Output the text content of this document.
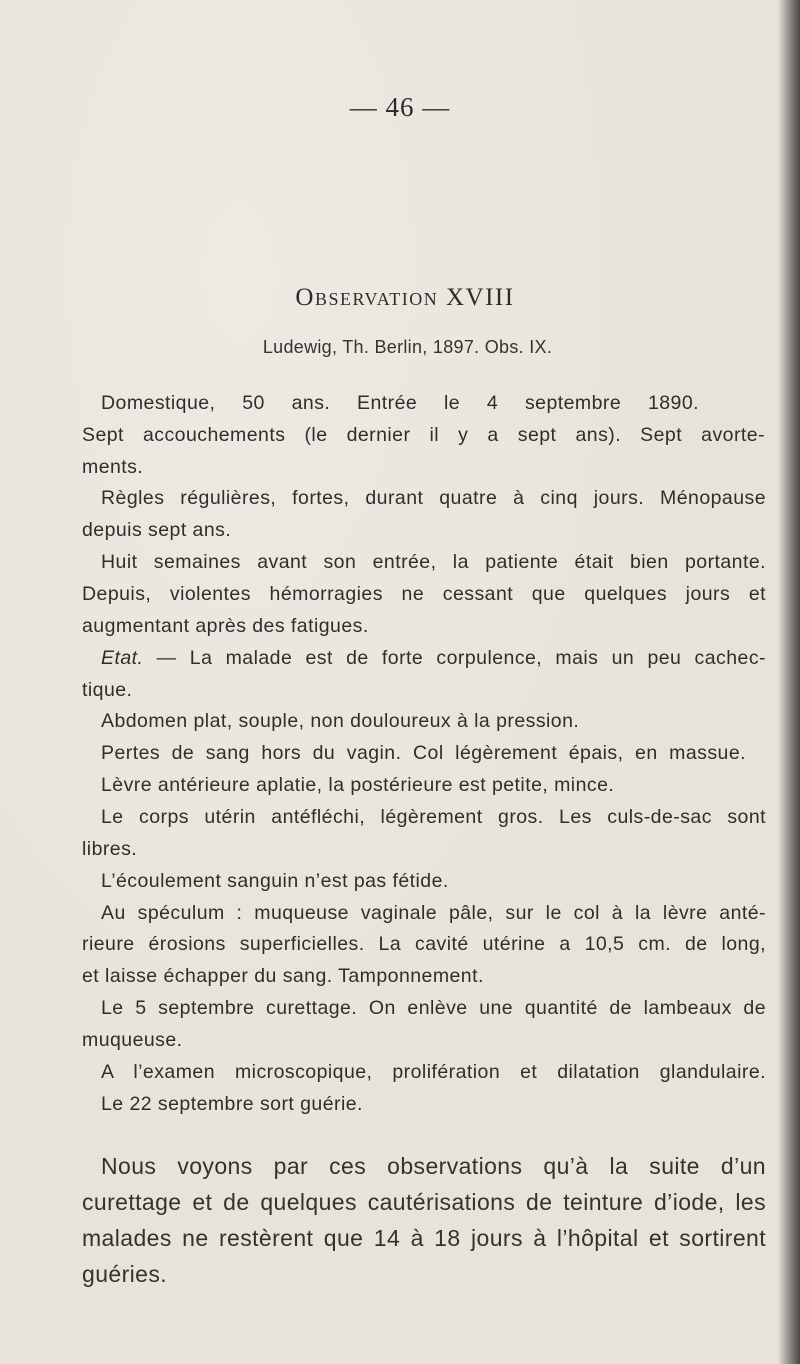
— 46 —
Observation XVIII
Ludewig, Th. Berlin, 1897. Obs. IX.
Domestique, 50 ans. Entrée le 4 septembre 1890.
Sept accouchements (le dernier il y a sept ans). Sept avorte-
ments.
Règles régulières, fortes, durant quatre à cinq jours. Ménopause
depuis sept ans.
Huit semaines avant son entrée, la patiente était bien portante.
Depuis, violentes hémorragies ne cessant que quelques jours et
augmentant après des fatigues.
Etat. — La malade est de forte corpulence, mais un peu cachec-
tique.
Abdomen plat, souple, non douloureux à la pression.
Pertes de sang hors du vagin. Col légèrement épais, en massue.
Lèvre antérieure aplatie, la postérieure est petite, mince.
Le corps utérin antéfléchi, légèrement gros. Les culs-de-sac sont
libres.
L’écoulement sanguin n’est pas fétide.
Au spéculum : muqueuse vaginale pâle, sur le col à la lèvre anté-
rieure érosions superficielles. La cavité utérine a 10,5 cm. de long,
et laisse échapper du sang. Tamponnement.
Le 5 septembre curettage. On enlève une quantité de lambeaux de
muqueuse.
A l’examen microscopique, prolifération et dilatation glandulaire.
Le 22 septembre sort guérie.
Nous voyons par ces observations qu’à la suite d’un
curettage et de quelques cautérisations de teinture d’iode, les
malades ne restèrent que 14 à 18 jours à l’hôpital et sortirent
guéries.
